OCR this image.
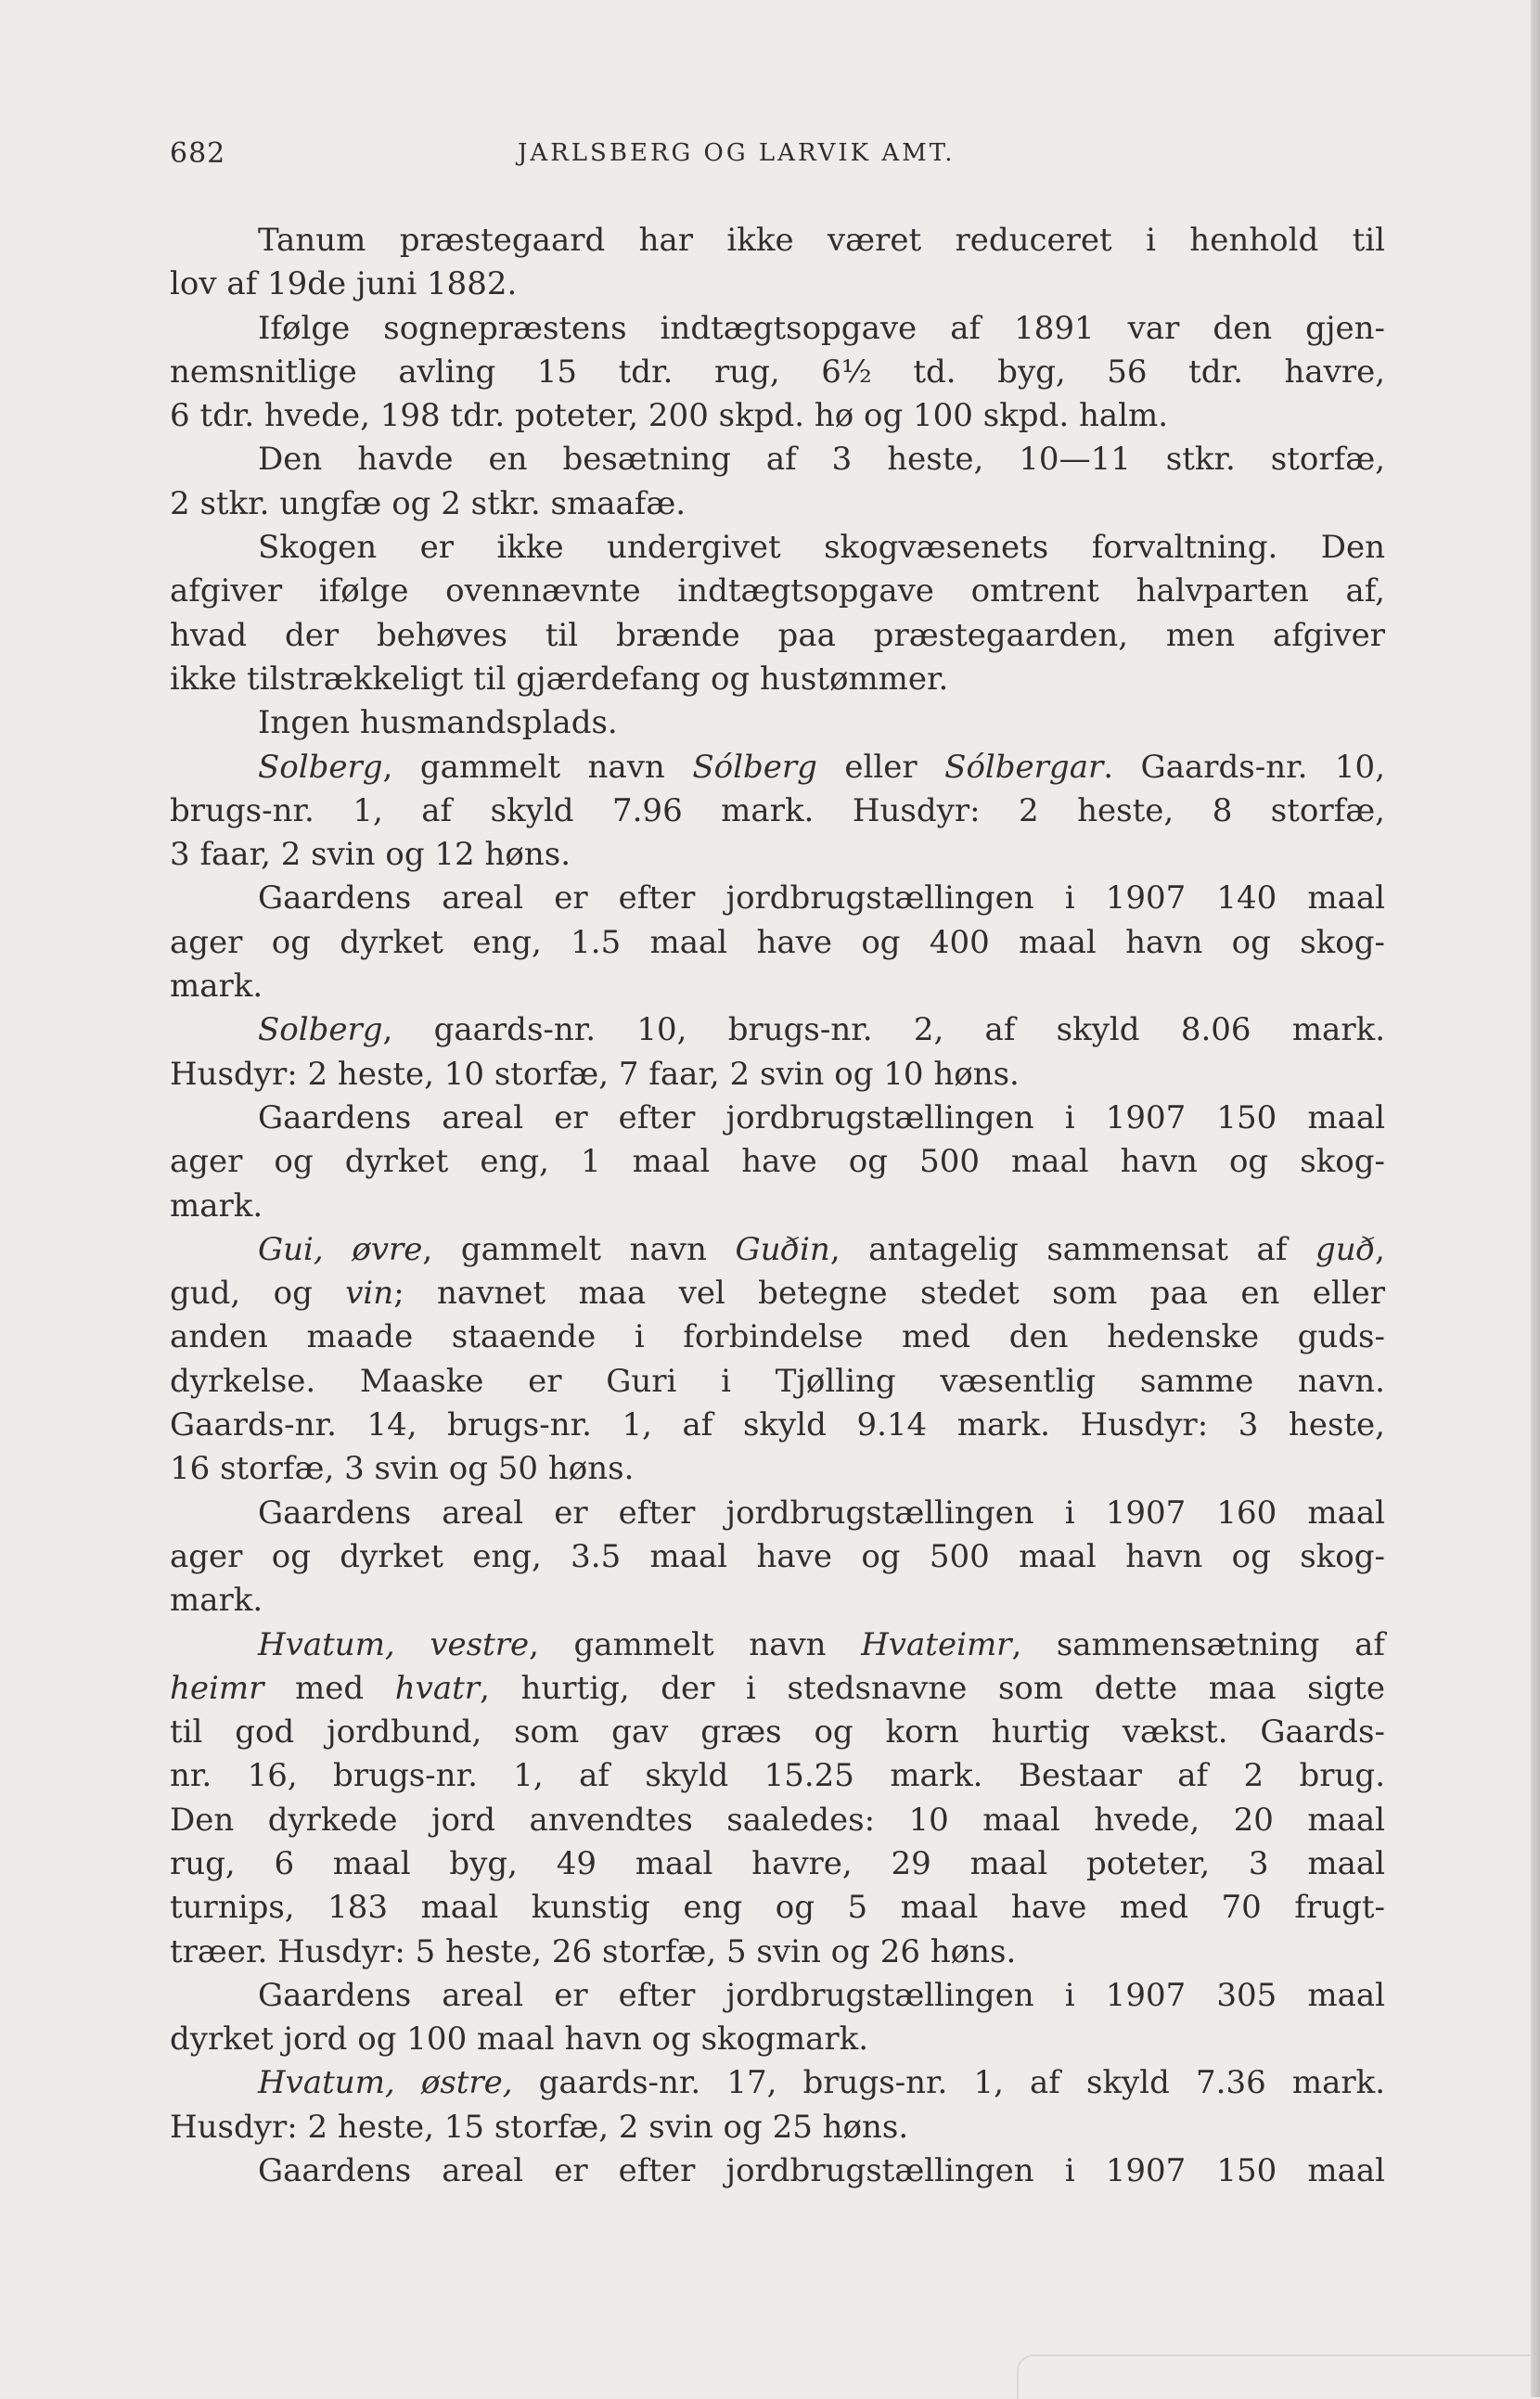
682	JARLSBERG OG LARVIK AMT.
Tanum præstegaard har ikke været reduceret i henhold til
lov af 19de juni 1882.
Ifølge sognepræstens indtægtsopgave af 1891 var den gjen-
nemsnitlige avling 15 tdr. rug, 6½ td. byg, 56 tdr. havre,
6 tdr. hvede, 198 tdr. poteter, 200 skpd. hø og 100 skpd. halm.
Den havde en besætning af 3 heste, 10—11 stkr. storfæ,
2 stkr. ungfæ og 2 stkr. smaafæ.
Skogen er ikke undergivet skogvæsenets forvaltning. Den
afgiver ifølge ovennævnte indtægtsopgave omtrent halvparten af,
hvad der behøves til brænde paa præstegaarden, men afgiver
ikke tilstrækkeligt til gjærdefang og hustømmer.
Ingen husmandsplads.
Solberg, gammelt navn Sólberg eller Sólbergar. Gaards-nr. 10,
brugs-nr. 1, af skyld 7.96 mark. Husdyr: 2 heste, 8 storfæ,
3 faar, 2 svin og 12 høns.
Gaardens areal er efter jordbrugstællingen i 1907 140 maal
ager og dyrket eng, 1.5 maal have og 400 maal havn og skog-
mark.
Solberg, gaards-nr. 10, brugs-nr. 2, af skyld 8.06 mark.
Husdyr: 2 heste, 10 storfæ, 7 faar, 2 svin og 10 høns.
Gaardens areal er efter jordbrugstællingen i 1907 150 maal
ager og dyrket eng, 1 maal have og 500 maal havn og skog-
mark.
Gui, øvre, gammelt navn Guðin, antagelig sammensat af guð,
gud, og vin; navnet maa vel betegne stedet som paa en eller
anden maade staaende i forbindelse med den hedenske guds-
dyrkelse. Maaske er Guri i Tjølling væsentlig samme navn.
Gaards-nr. 14, brugs-nr. 1, af skyld 9.14 mark. Husdyr: 3 heste,
16 storfæ, 3 svin og 50 høns.
Gaardens areal er efter jordbrugstællingen i 1907 160 maal
ager og dyrket eng, 3.5 maal have og 500 maal havn og skog-
mark.
Hvatum, vestre, gammelt navn Hvateimr, sammensætning af
heimr med hvatr, hurtig, der i stedsnavne som dette maa sigte
til god jordbund, som gav græs og korn hurtig vækst. Gaards-
nr. 16, brugs-nr. 1, af skyld 15.25 mark. Bestaar af 2 brug.
Den dyrkede jord anvendtes saaledes: 10 maal hvede, 20 maal
rug, 6 maal byg, 49 maal havre, 29 maal poteter, 3 maal
turnips, 183 maal kunstig eng og 5 maal have med 70 frugt-
træer. Husdyr: 5 heste, 26 storfæ, 5 svin og 26 høns.
Gaardens areal er efter jordbrugstællingen i 1907 305 maal
dyrket jord og 100 maal havn og skogmark.
Hvatum, østre, gaards-nr. 17, brugs-nr. 1, af skyld 7.36 mark.
Husdyr: 2 heste, 15 storfæ, 2 svin og 25 høns.
Gaardens areal er efter jordbrugstællingen i 1907 150 maal
